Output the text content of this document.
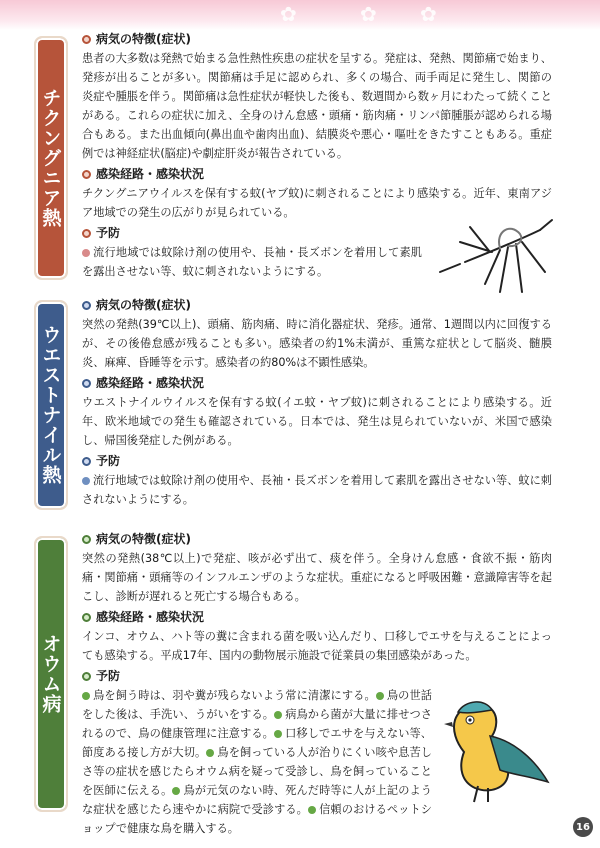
✿	✿ ✿
チクングニア熱
病気の特徴(症状)

患者の大多数は発熱で始まる急性熱性疾患の症状を呈する。発症は、発熱、関節痛で始まり、発疹が出ることが多い。関節痛は手足に認められ、多くの場合、両手両足に発生し、関節の炎症や腫脹を伴う。関節痛は急性症状が軽快した後も、数週間から数ヶ月にわたって続くことがある。これらの症状に加え、全身のけん怠感・頭痛・筋肉痛・リンパ節腫脹が認められる場合もある。また出血傾向(鼻出血や歯肉出血)、結膜炎や悪心・嘔吐をきたすこともある。重症例では神経症状(脳症)や劇症肝炎が報告されている。

感染経路・感染状況

チクングニアウイルスを保有する蚊(ヤブ蚊)に刺されることにより感染する。近年、東南アジア地域での発生の広がりが見られている。

予防

流行地域では蚊除け剤の使用や、長袖・長ズボンを着用して素肌を露出させない等、蚊に刺されないようにする。

ウエストナイル熱
病気の特徴(症状)

突然の発熱(39℃以上)、頭痛、筋肉痛、時に消化器症状、発疹。通常、1週間以内に回復するが、その後倦怠感が残ることも多い。感染者の約1%未満が、重篤な症状として脳炎、髄膜炎、麻痺、昏睡等を示す。感染者の約80%は不顕性感染。

感染経路・感染状況

ウエストナイルウイルスを保有する蚊(イエ蚊・ヤブ蚊)に刺されることにより感染する。近年、欧米地域での発生も確認されている。日本では、発生は見られていないが、米国で感染し、帰国後発症した例がある。

予防

流行地域では蚊除け剤の使用や、長袖・長ズボンを着用して素肌を露出させない等、蚊に刺されないようにする。

オウム病
病気の特徴(症状)

突然の発熱(38℃以上)で発症、咳が必ず出て、痰を伴う。全身けん怠感・食欲不振・筋肉痛・関節痛・頭痛等のインフルエンザのような症状。重症になると呼吸困難・意識障害等を起こし、診断が遅れると死亡する場合もある。

感染経路・感染状況

インコ、オウム、ハト等の糞に含まれる菌を吸い込んだり、口移しでエサを与えることによっても感染する。平成17年、国内の動物展示施設で従業員の集団感染があった。

予防

鳥を飼う時は、羽や糞が残らないよう常に清潔にする。 鳥の世話をした後は、手洗い、うがいをする。 病鳥から菌が大量に排せつされるので、鳥の健康管理に注意する。 口移しでエサを与えない等、節度ある接し方が大切。 鳥を飼っている人が治りにくい咳や息苦しさ等の症状を感じたらオウム病を疑って受診し、鳥を飼っていることを医師に伝える。 鳥が元気のない時、死んだ時等に人が上記のような症状を感じたら速やかに病院で受診する。 信頼のおけるペットショップで健康な鳥を購入する。	16
